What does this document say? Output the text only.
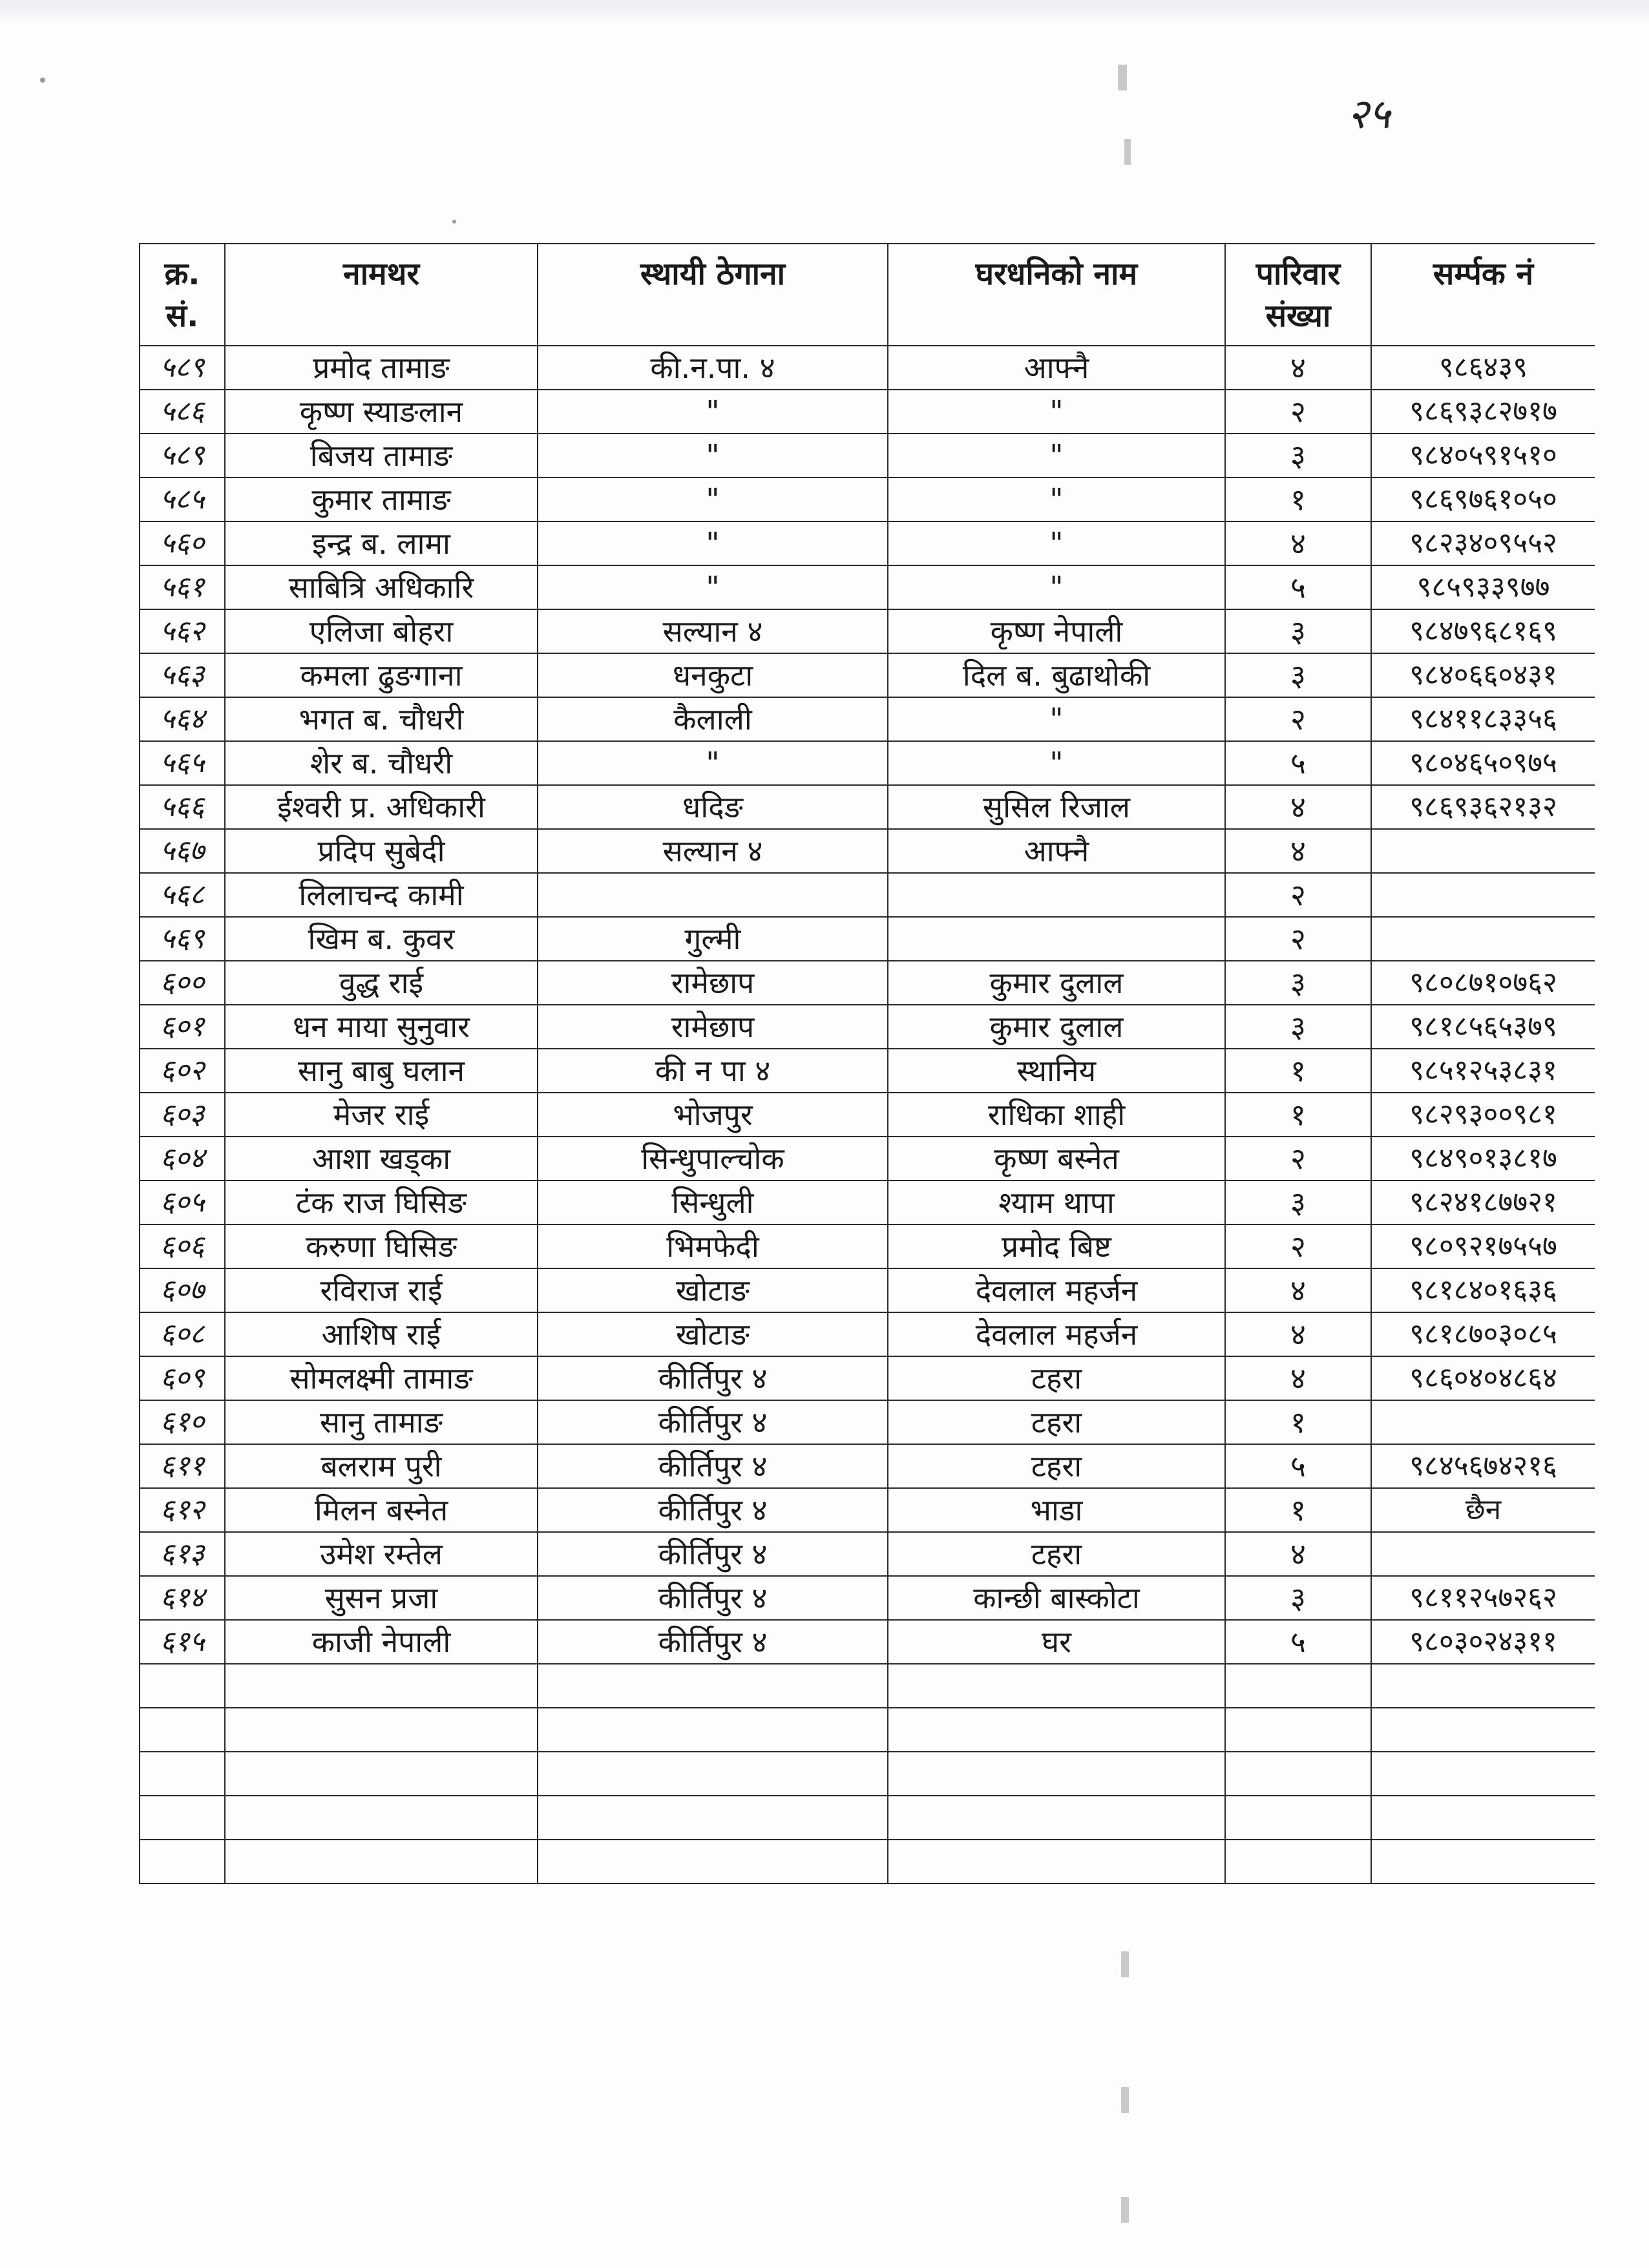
२५
क्र. सं.	नामथर	स्थायी ठेगाना	घरधनिको नाम	पारिवार संख्या	सर्म्पक नं
५८९	प्रमोद तामाङ	की.न.पा. ४	आफ्नै	४	९८६४३९
५८६	कृष्ण स्याङलान	"	"	२	९८६९३८२७१७
५८९	बिजय तामाङ	"	"	३	९८४०५९१५१०
५८५	कुमार तामाङ	"	"	१	९८६९७६१०५०
५६०	इन्द्र ब. लामा	"	"	४	९८२३४०९५५२
५६१	साबित्रि अधिकारि	"	"	५	९८५९३३९७७
५६२	एलिजा बोहरा	सल्यान ४	कृष्ण नेपाली	३	९८४७९६८१६९
५६३	कमला ढुङगाना	धनकुटा	दिल ब. बुढाथोकी	३	९८४०६६०४३१
५६४	भगत ब. चौधरी	कैलाली	"	२	९८४११८३३५६
५६५	शेर ब. चौधरी	"	"	५	९८०४६५०९७५
५६६	ईश्वरी प्र. अधिकारी	धदिङ	सुसिल रिजाल	४	९८६९३६२१३२
५६७	प्रदिप सुबेदी	सल्यान ४	आफ्नै	४	
५६८	लिलाचन्द कामी			२	
५६९	खिम ब. कुवर	गुल्मी		२	
६००	वुद्ध राई	रामेछाप	कुमार दुलाल	३	९८०८७१०७६२
६०१	धन माया सुनुवार	रामेछाप	कुमार दुलाल	३	९८१८५६५३७९
६०२	सानु बाबु घलान	की न पा ४	स्थानिय	१	९८५१२५३८३१
६०३	मेजर राई	भोजपुर	राधिका शाही	१	९८२९३००९८१
६०४	आशा खड्का	सिन्धुपाल्चोक	कृष्ण बस्नेत	२	९८४९०१३८१७
६०५	टंक राज घिसिङ	सिन्धुली	श्याम थापा	३	९८२४१८७७२१
६०६	करुणा घिसिङ	भिमफेदी	प्रमोद बिष्ट	२	९८०९२१७५५७
६०७	रविराज राई	खोटाङ	देवलाल महर्जन	४	९८१८४०१६३६
६०८	आशिष राई	खोटाङ	देवलाल महर्जन	४	९८१८७०३०८५
६०९	सोमलक्ष्मी तामाङ	कीर्तिपुर ४	टहरा	४	९८६०४०४८६४
६१०	सानु तामाङ	कीर्तिपुर ४	टहरा	१	
६११	बलराम पुरी	कीर्तिपुर ४	टहरा	५	९८४५६७४२१६
६१२	मिलन बस्नेत	कीर्तिपुर ४	भाडा	१	छैन
६१३	उमेश रम्तेल	कीर्तिपुर ४	टहरा	४	
६१४	सुसन प्रजा	कीर्तिपुर ४	कान्छी बास्कोटा	३	९८११२५७२६२
६१५	काजी नेपाली	कीर्तिपुर ४	घर	५	९८०३०२४३११
